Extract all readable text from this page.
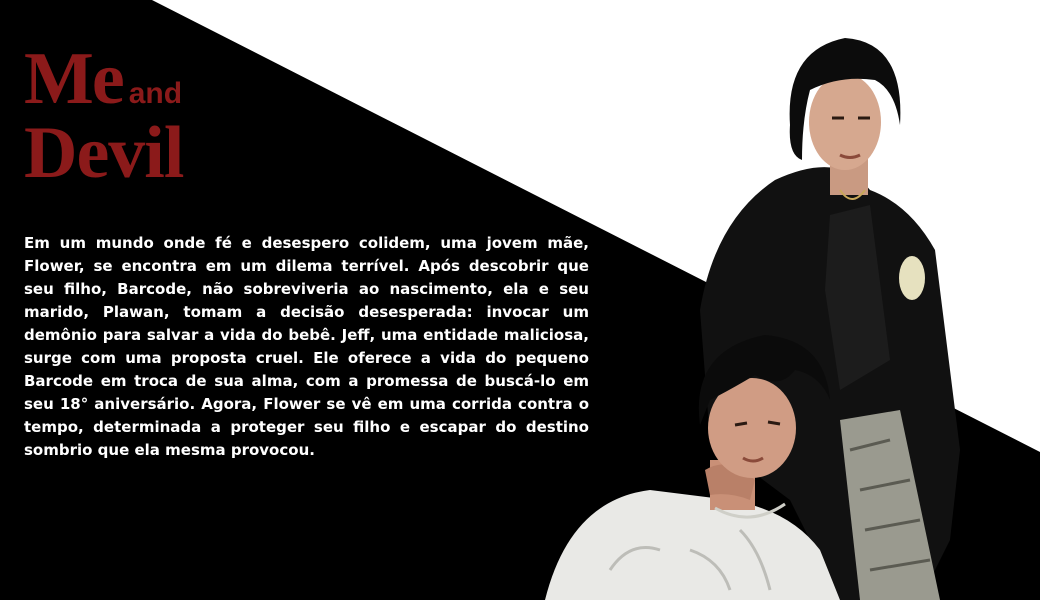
Me and
Devil

Em um mundo onde fé e desespero colidem, uma jovem mãe, Flower, se encontra em um dilema terrível. Após descobrir que seu filho, Barcode, não sobreviveria ao nascimento, ela e seu marido, Plawan, tomam a decisão desesperada: invocar um demônio para salvar a vida do bebê. Jeff, uma entidade maliciosa, surge com uma proposta cruel. Ele oferece a vida do pequeno Barcode em troca de sua alma, com a promessa de buscá-lo em seu 18° aniversário. Agora, Flower se vê em uma corrida contra o tempo, determinada a proteger seu filho e escapar do destino sombrio que ela mesma provocou.
